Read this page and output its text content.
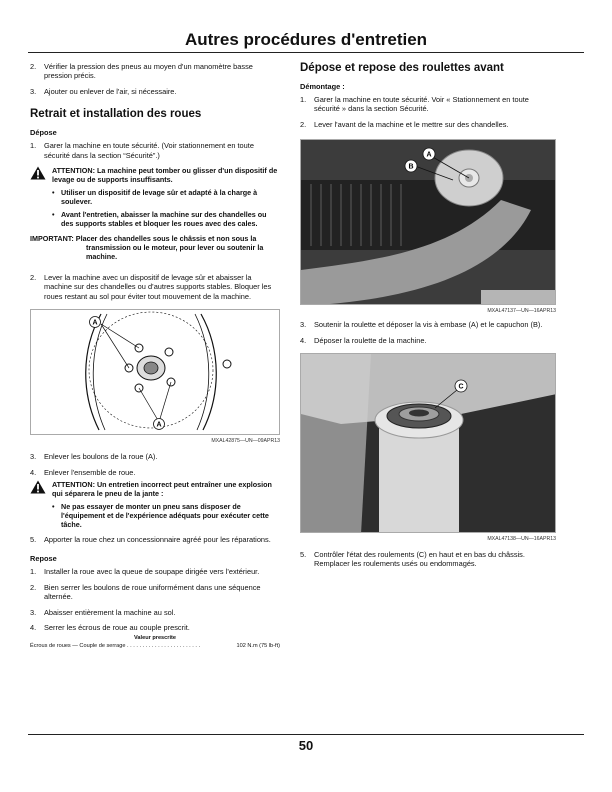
Autres procédures d'entretien
2. Vérifier la pression des pneus au moyen d'un manomètre basse pression précis.
3. Ajouter ou enlever de l'air, si nécessaire.
Retrait et installation des roues
Dépose
1. Garer la machine en toute sécurité. (Voir stationnement en toute sécurité dans la section “Sécurité”.)
ATTENTION: La machine peut tomber ou glisser d'un dispositif de levage ou de supports insuffisants.
• Utiliser un dispositif de levage sûr et adapté à la charge à soulever.
• Avant l'entretien, abaisser la machine sur des chandelles ou des supports stables et bloquer les roues avec des cales.
IMPORTANT: Placer des chandelles sous le châssis et non sous la transmission ou le moteur, pour lever ou soutenir la machine.
2. Lever la machine avec un dispositif de levage sûr et abaisser la machine sur des chandelles ou d’autres supports stables. Bloquer les roues restant au sol pour éviter tout mouvement de la machine.
A
A
MXAL42875—UN—09APR13
3. Enlever les boulons de la roue (A).
4. Enlever l'ensemble de roue.
ATTENTION: Un entretien incorrect peut entraîner une explosion qui séparera le pneu de la jante :
• Ne pas essayer de monter un pneu sans disposer de l'équipement et de l'expérience adéquats pour exécuter cette tâche.
5. Apporter la roue chez un concessionnaire agréé pour les réparations.
Repose
1. Installer la roue avec la queue de soupape dirigée vers l’extérieur.
2. Bien serrer les boulons de roue uniformément dans une séquence alternée.
3. Abaisser entièrement la machine au sol.
4. Serrer les écrous de roue au couple prescrit.
Valeur prescrite
Écrous de roues — Couple de serrage . . . . . . . . . . . . . . . . . . . . . . . .	102 N.m (75 lb-ft)
Dépose et repose des roulettes avant
Démontage :
1. Garer la machine en toute sécurité. Voir « Stationnement en toute sécurité » dans la section Sécurité.
2. Lever l'avant de la machine et le mettre sur des chandelles.
A
B
MXAL47137—UN—16APR13
3. Soutenir la roulette et déposer la vis à embase (A) et le capuchon (B).
4. Déposer la roulette de la machine.
C
MXAL47138—UN—16APR13
5. Contrôler l'état des roulements (C) en haut et en bas du châssis. Remplacer les roulements usés ou endommagés.
50
